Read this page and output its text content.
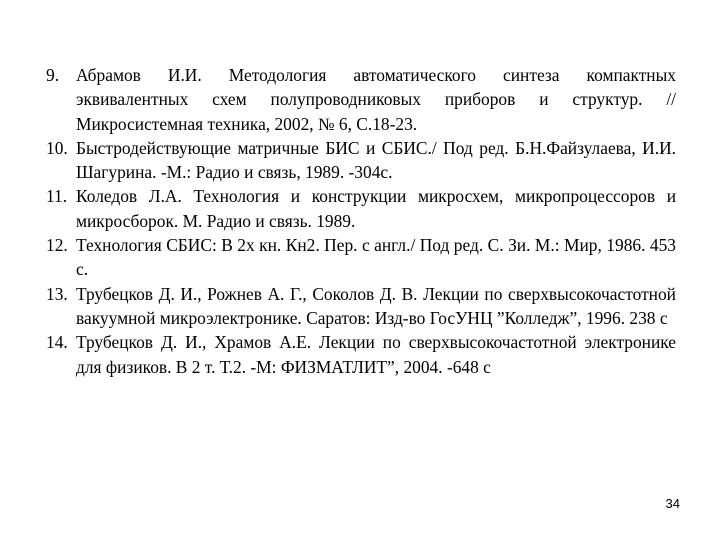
9. Абрамов И.И. Методология автоматического синтеза компактных эквивалентных схем полупроводниковых приборов и структур. // Микросистемная техника, 2002, № 6, С.18-23.
10. Быстродействующие матричные БИС и СБИС./ Под ред. Б.Н.Файзулаева, И.И. Шагурина. -М.: Радио и связь, 1989. -304с.
11. Коледов Л.А. Технология и конструкции микросхем, микропроцессоров и микросборок. М. Радио и связь. 1989.
12. Технология СБИС: В 2х кн. Кн2. Пер. с англ./ Под ред. С. Зи. М.: Мир, 1986. 453 с.
13. Трубецков Д. И., Рожнев А. Г., Соколов Д. В. Лекции по сверхвысокочастотной вакуумной микроэлектронике. Саратов: Изд-во ГосУНЦ ”Колледж”, 1996. 238 с
14. Трубецков Д. И., Храмов А.Е. Лекции по сверхвысокочастотной электронике для физиков. В 2 т. Т.2. -М: ФИЗМАТЛИТ”, 2004. -648 с
34
